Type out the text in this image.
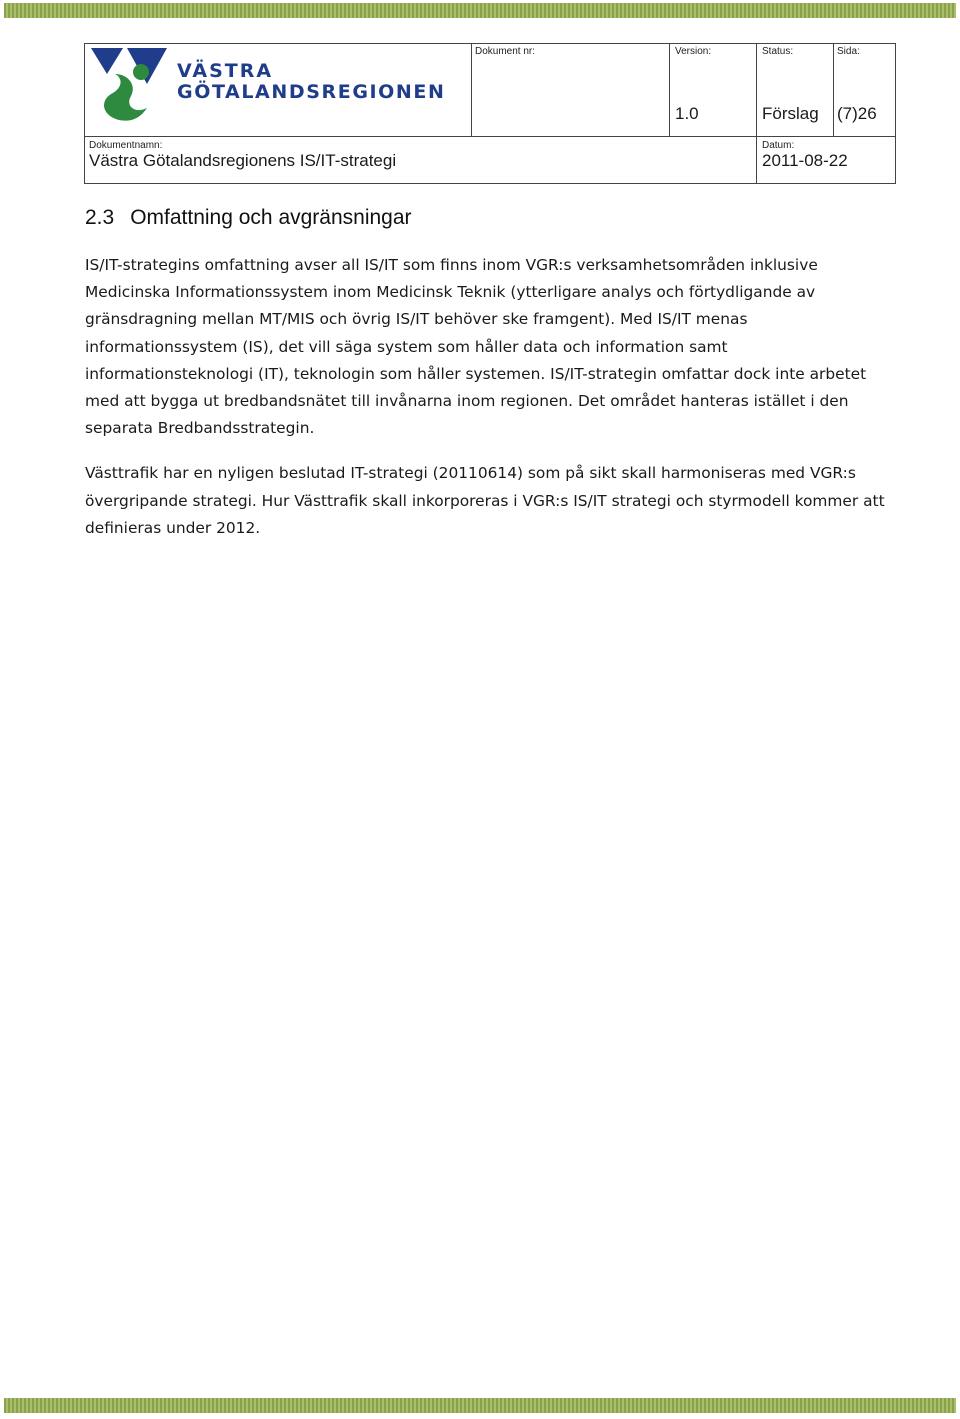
VÄSTRA
GÖTALANDSREGIONEN
Dokument nr:	Version:
1.0
Status:
Förslag
Sida:
(7)26
Dokumentnamn:
Västra Götalandsregionens IS/IT-strategi
Datum:
2011-08-22
2.3 Omfattning och avgränsningar

IS/IT-strategins omfattning avser all IS/IT som finns inom VGR:s verksamhetsområden inklusive Medicinska Informationssystem inom Medicinsk Teknik (ytterligare analys och förtydligande av gränsdragning mellan MT/MIS och övrig IS/IT behöver ske framgent). Med IS/IT menas informationssystem (IS), det vill säga system som håller data och information samt informationsteknologi (IT), teknologin som håller systemen. IS/IT-strategin omfattar dock inte arbetet med att bygga ut bredbandsnätet till invånarna inom regionen. Det området hanteras istället i den separata Bredbandsstrategin.

Västtrafik har en nyligen beslutad IT-strategi (20110614) som på sikt skall harmoniseras med VGR:s övergripande strategi. Hur Västtrafik skall inkorporeras i VGR:s IS/IT strategi och styrmodell kommer att definieras under 2012.
